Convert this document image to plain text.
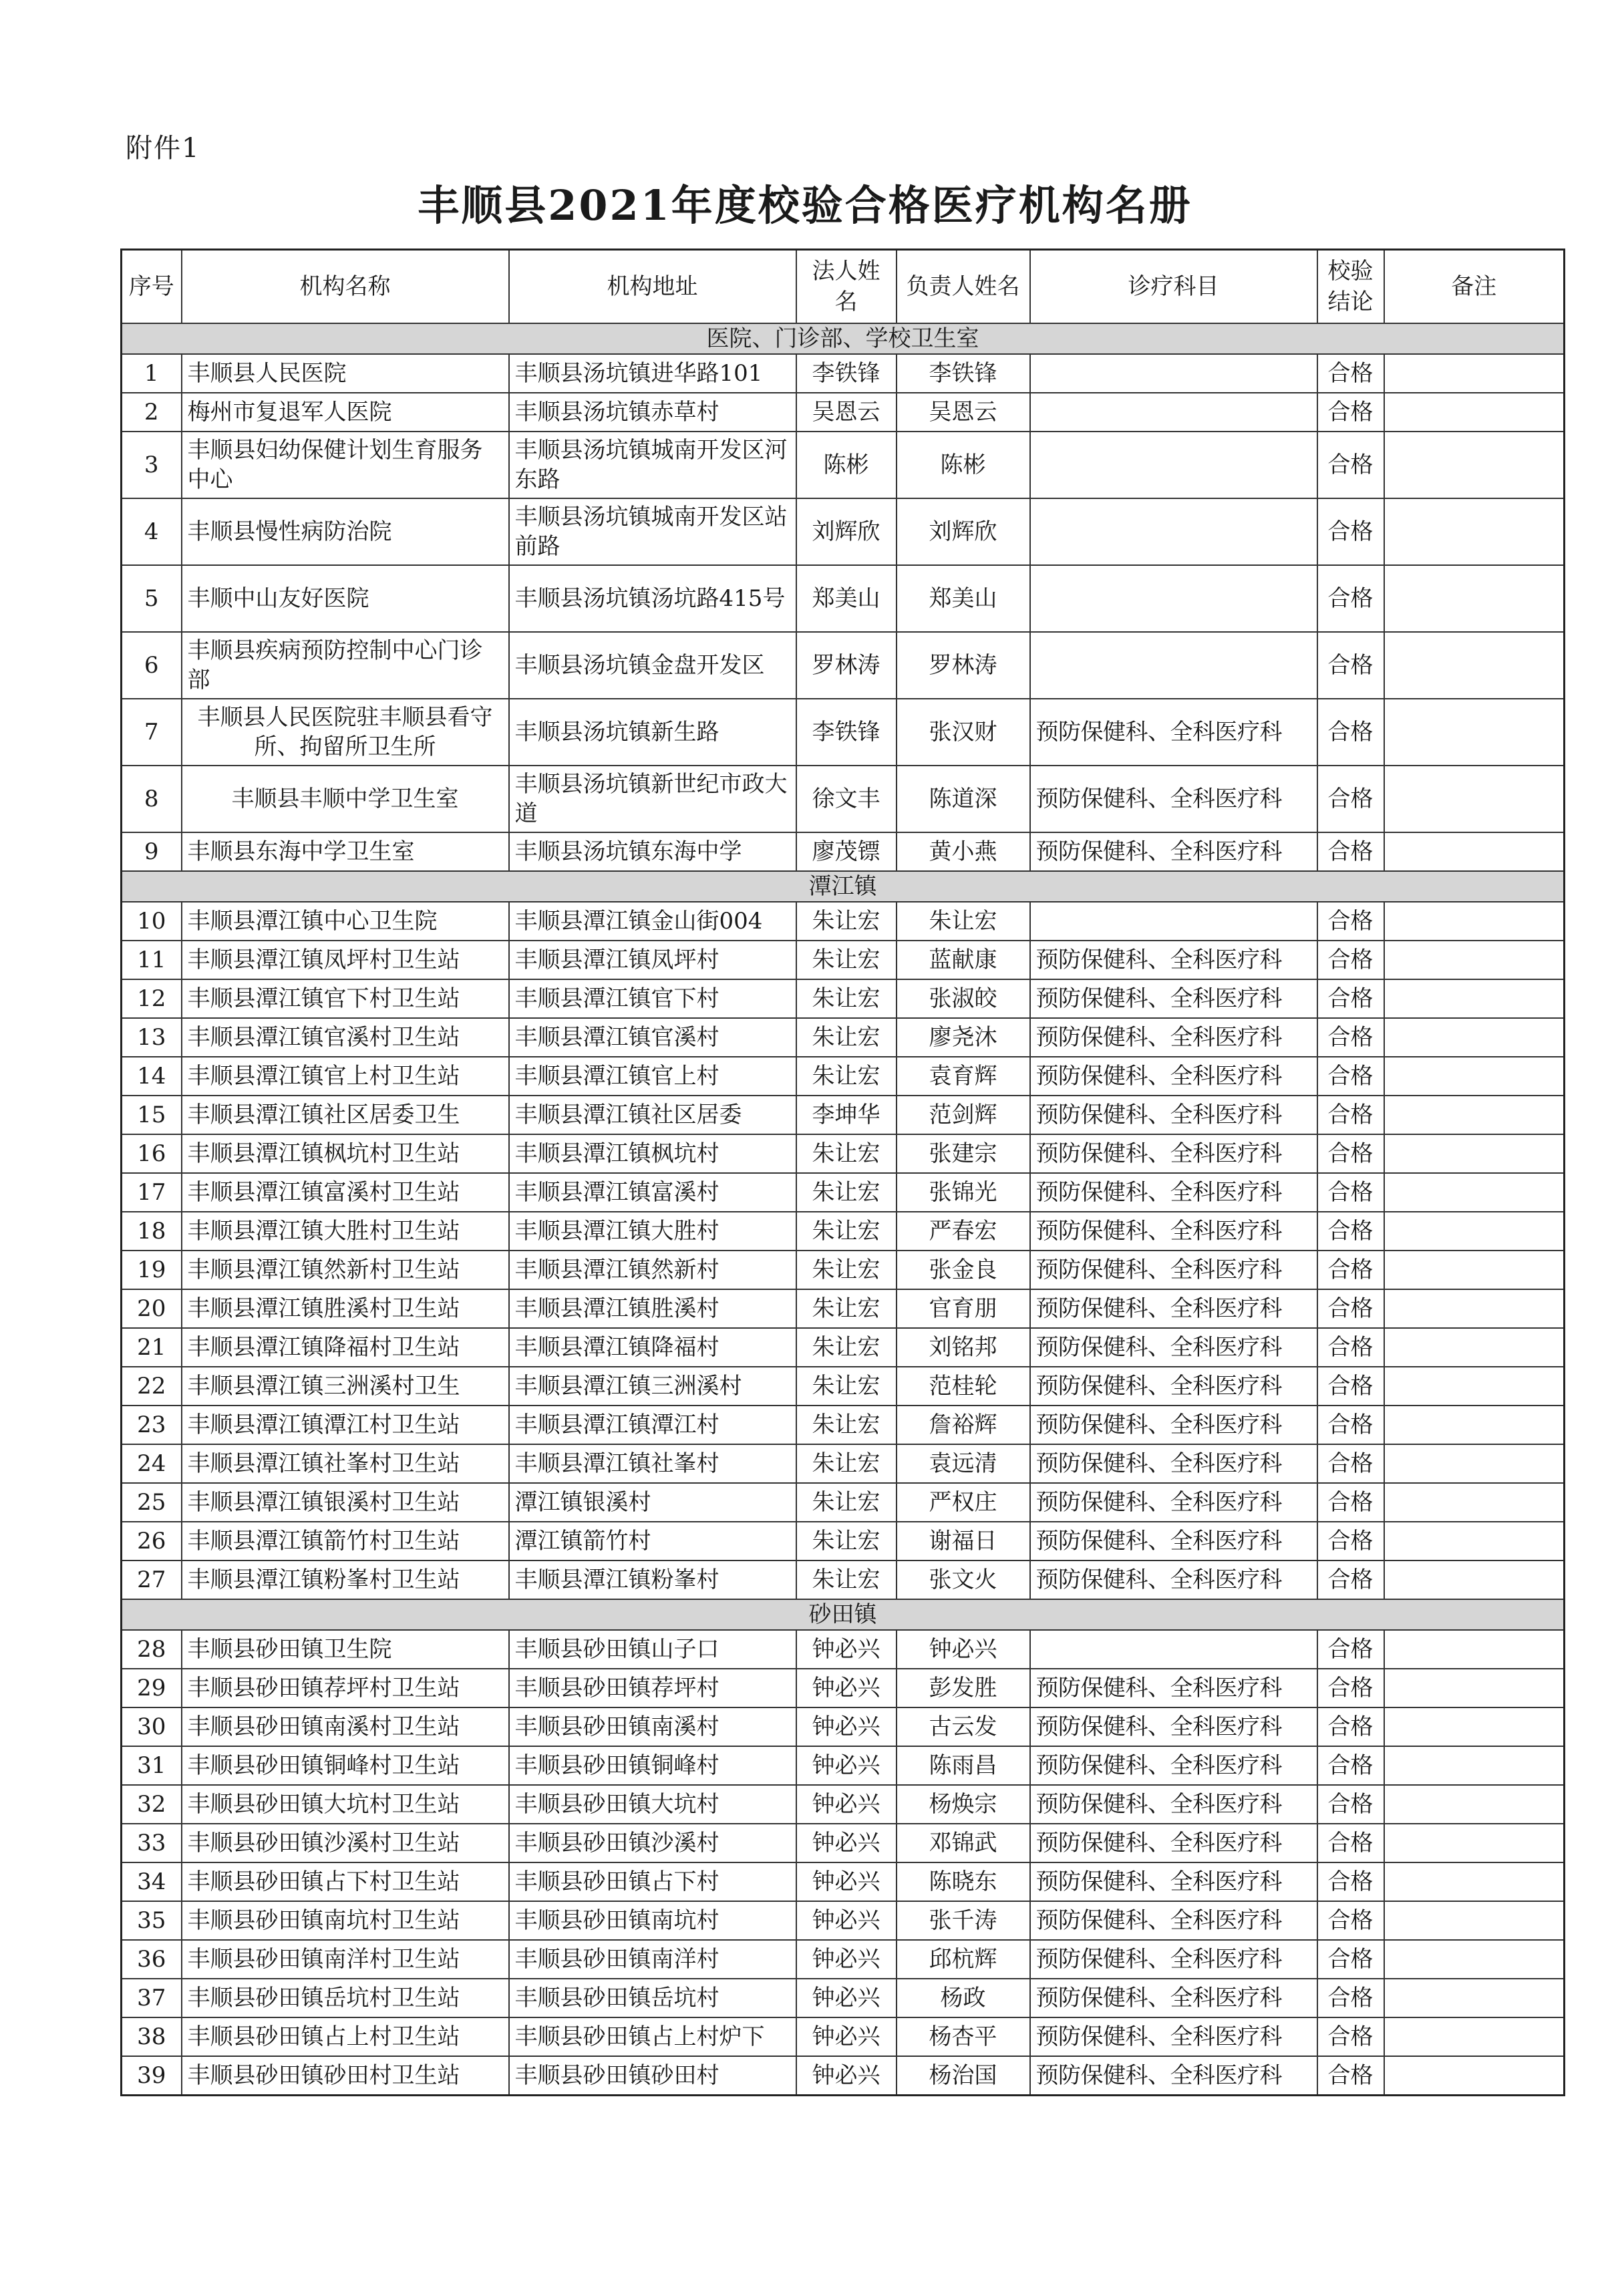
附件1
丰顺县2021年度校验合格医疗机构名册
序号	机构名称	机构地址	法人姓名	负责人姓名	诊疗科目	校验结论	备注
医院、门诊部、学校卫生室							
1	丰顺县人民医院	丰顺县汤坑镇进华路101	李铁锋	李铁锋		合格	
2	梅州市复退军人医院	丰顺县汤坑镇赤草村	吴恩云	吴恩云		合格	
3	丰顺县妇幼保健计划生育服务中心	丰顺县汤坑镇城南开发区河东路	陈彬	陈彬		合格	
4	丰顺县慢性病防治院	丰顺县汤坑镇城南开发区站前路	刘辉欣	刘辉欣		合格	
5	丰顺中山友好医院	丰顺县汤坑镇汤坑路415号	郑美山	郑美山		合格	
6	丰顺县疾病预防控制中心门诊部	丰顺县汤坑镇金盘开发区	罗林涛	罗林涛		合格	
7	丰顺县人民医院驻丰顺县看守所、拘留所卫生所	丰顺县汤坑镇新生路	李铁锋	张汉财	预防保健科、全科医疗科	合格	
8	丰顺县丰顺中学卫生室	丰顺县汤坑镇新世纪市政大道	徐文丰	陈道深	预防保健科、全科医疗科	合格	
9	丰顺县东海中学卫生室	丰顺县汤坑镇东海中学	廖茂镖	黄小燕	预防保健科、全科医疗科	合格	
潭江镇							
10	丰顺县潭江镇中心卫生院	丰顺县潭江镇金山街004	朱让宏	朱让宏		合格	
11	丰顺县潭江镇凤坪村卫生站	丰顺县潭江镇凤坪村	朱让宏	蓝献康	预防保健科、全科医疗科	合格	
12	丰顺县潭江镇官下村卫生站	丰顺县潭江镇官下村	朱让宏	张淑皎	预防保健科、全科医疗科	合格	
13	丰顺县潭江镇官溪村卫生站	丰顺县潭江镇官溪村	朱让宏	廖尧沐	预防保健科、全科医疗科	合格	
14	丰顺县潭江镇官上村卫生站	丰顺县潭江镇官上村	朱让宏	袁育辉	预防保健科、全科医疗科	合格	
15	丰顺县潭江镇社区居委卫生	丰顺县潭江镇社区居委	李坤华	范剑辉	预防保健科、全科医疗科	合格	
16	丰顺县潭江镇枫坑村卫生站	丰顺县潭江镇枫坑村	朱让宏	张建宗	预防保健科、全科医疗科	合格	
17	丰顺县潭江镇富溪村卫生站	丰顺县潭江镇富溪村	朱让宏	张锦光	预防保健科、全科医疗科	合格	
18	丰顺县潭江镇大胜村卫生站	丰顺县潭江镇大胜村	朱让宏	严春宏	预防保健科、全科医疗科	合格	
19	丰顺县潭江镇然新村卫生站	丰顺县潭江镇然新村	朱让宏	张金良	预防保健科、全科医疗科	合格	
20	丰顺县潭江镇胜溪村卫生站	丰顺县潭江镇胜溪村	朱让宏	官育朋	预防保健科、全科医疗科	合格	
21	丰顺县潭江镇降福村卫生站	丰顺县潭江镇降福村	朱让宏	刘铭邦	预防保健科、全科医疗科	合格	
22	丰顺县潭江镇三洲溪村卫生	丰顺县潭江镇三洲溪村	朱让宏	范桂轮	预防保健科、全科医疗科	合格	
23	丰顺县潭江镇潭江村卫生站	丰顺县潭江镇潭江村	朱让宏	詹裕辉	预防保健科、全科医疗科	合格	
24	丰顺县潭江镇社峯村卫生站	丰顺县潭江镇社峯村	朱让宏	袁远清	预防保健科、全科医疗科	合格	
25	丰顺县潭江镇银溪村卫生站	潭江镇银溪村	朱让宏	严权庄	预防保健科、全科医疗科	合格	
26	丰顺县潭江镇箭竹村卫生站	潭江镇箭竹村	朱让宏	谢福日	预防保健科、全科医疗科	合格	
27	丰顺县潭江镇粉峯村卫生站	丰顺县潭江镇粉峯村	朱让宏	张文火	预防保健科、全科医疗科	合格	
砂田镇							
28	丰顺县砂田镇卫生院	丰顺县砂田镇山子口	钟必兴	钟必兴		合格	
29	丰顺县砂田镇荐坪村卫生站	丰顺县砂田镇荐坪村	钟必兴	彭发胜	预防保健科、全科医疗科	合格	
30	丰顺县砂田镇南溪村卫生站	丰顺县砂田镇南溪村	钟必兴	古云发	预防保健科、全科医疗科	合格	
31	丰顺县砂田镇铜峰村卫生站	丰顺县砂田镇铜峰村	钟必兴	陈雨昌	预防保健科、全科医疗科	合格	
32	丰顺县砂田镇大坑村卫生站	丰顺县砂田镇大坑村	钟必兴	杨焕宗	预防保健科、全科医疗科	合格	
33	丰顺县砂田镇沙溪村卫生站	丰顺县砂田镇沙溪村	钟必兴	邓锦武	预防保健科、全科医疗科	合格	
34	丰顺县砂田镇占下村卫生站	丰顺县砂田镇占下村	钟必兴	陈晓东	预防保健科、全科医疗科	合格	
35	丰顺县砂田镇南坑村卫生站	丰顺县砂田镇南坑村	钟必兴	张千涛	预防保健科、全科医疗科	合格	
36	丰顺县砂田镇南洋村卫生站	丰顺县砂田镇南洋村	钟必兴	邱杭辉	预防保健科、全科医疗科	合格	
37	丰顺县砂田镇岳坑村卫生站	丰顺县砂田镇岳坑村	钟必兴	杨政	预防保健科、全科医疗科	合格	
38	丰顺县砂田镇占上村卫生站	丰顺县砂田镇占上村炉下	钟必兴	杨杏平	预防保健科、全科医疗科	合格	
39	丰顺县砂田镇砂田村卫生站	丰顺县砂田镇砂田村	钟必兴	杨治国	预防保健科、全科医疗科	合格	
